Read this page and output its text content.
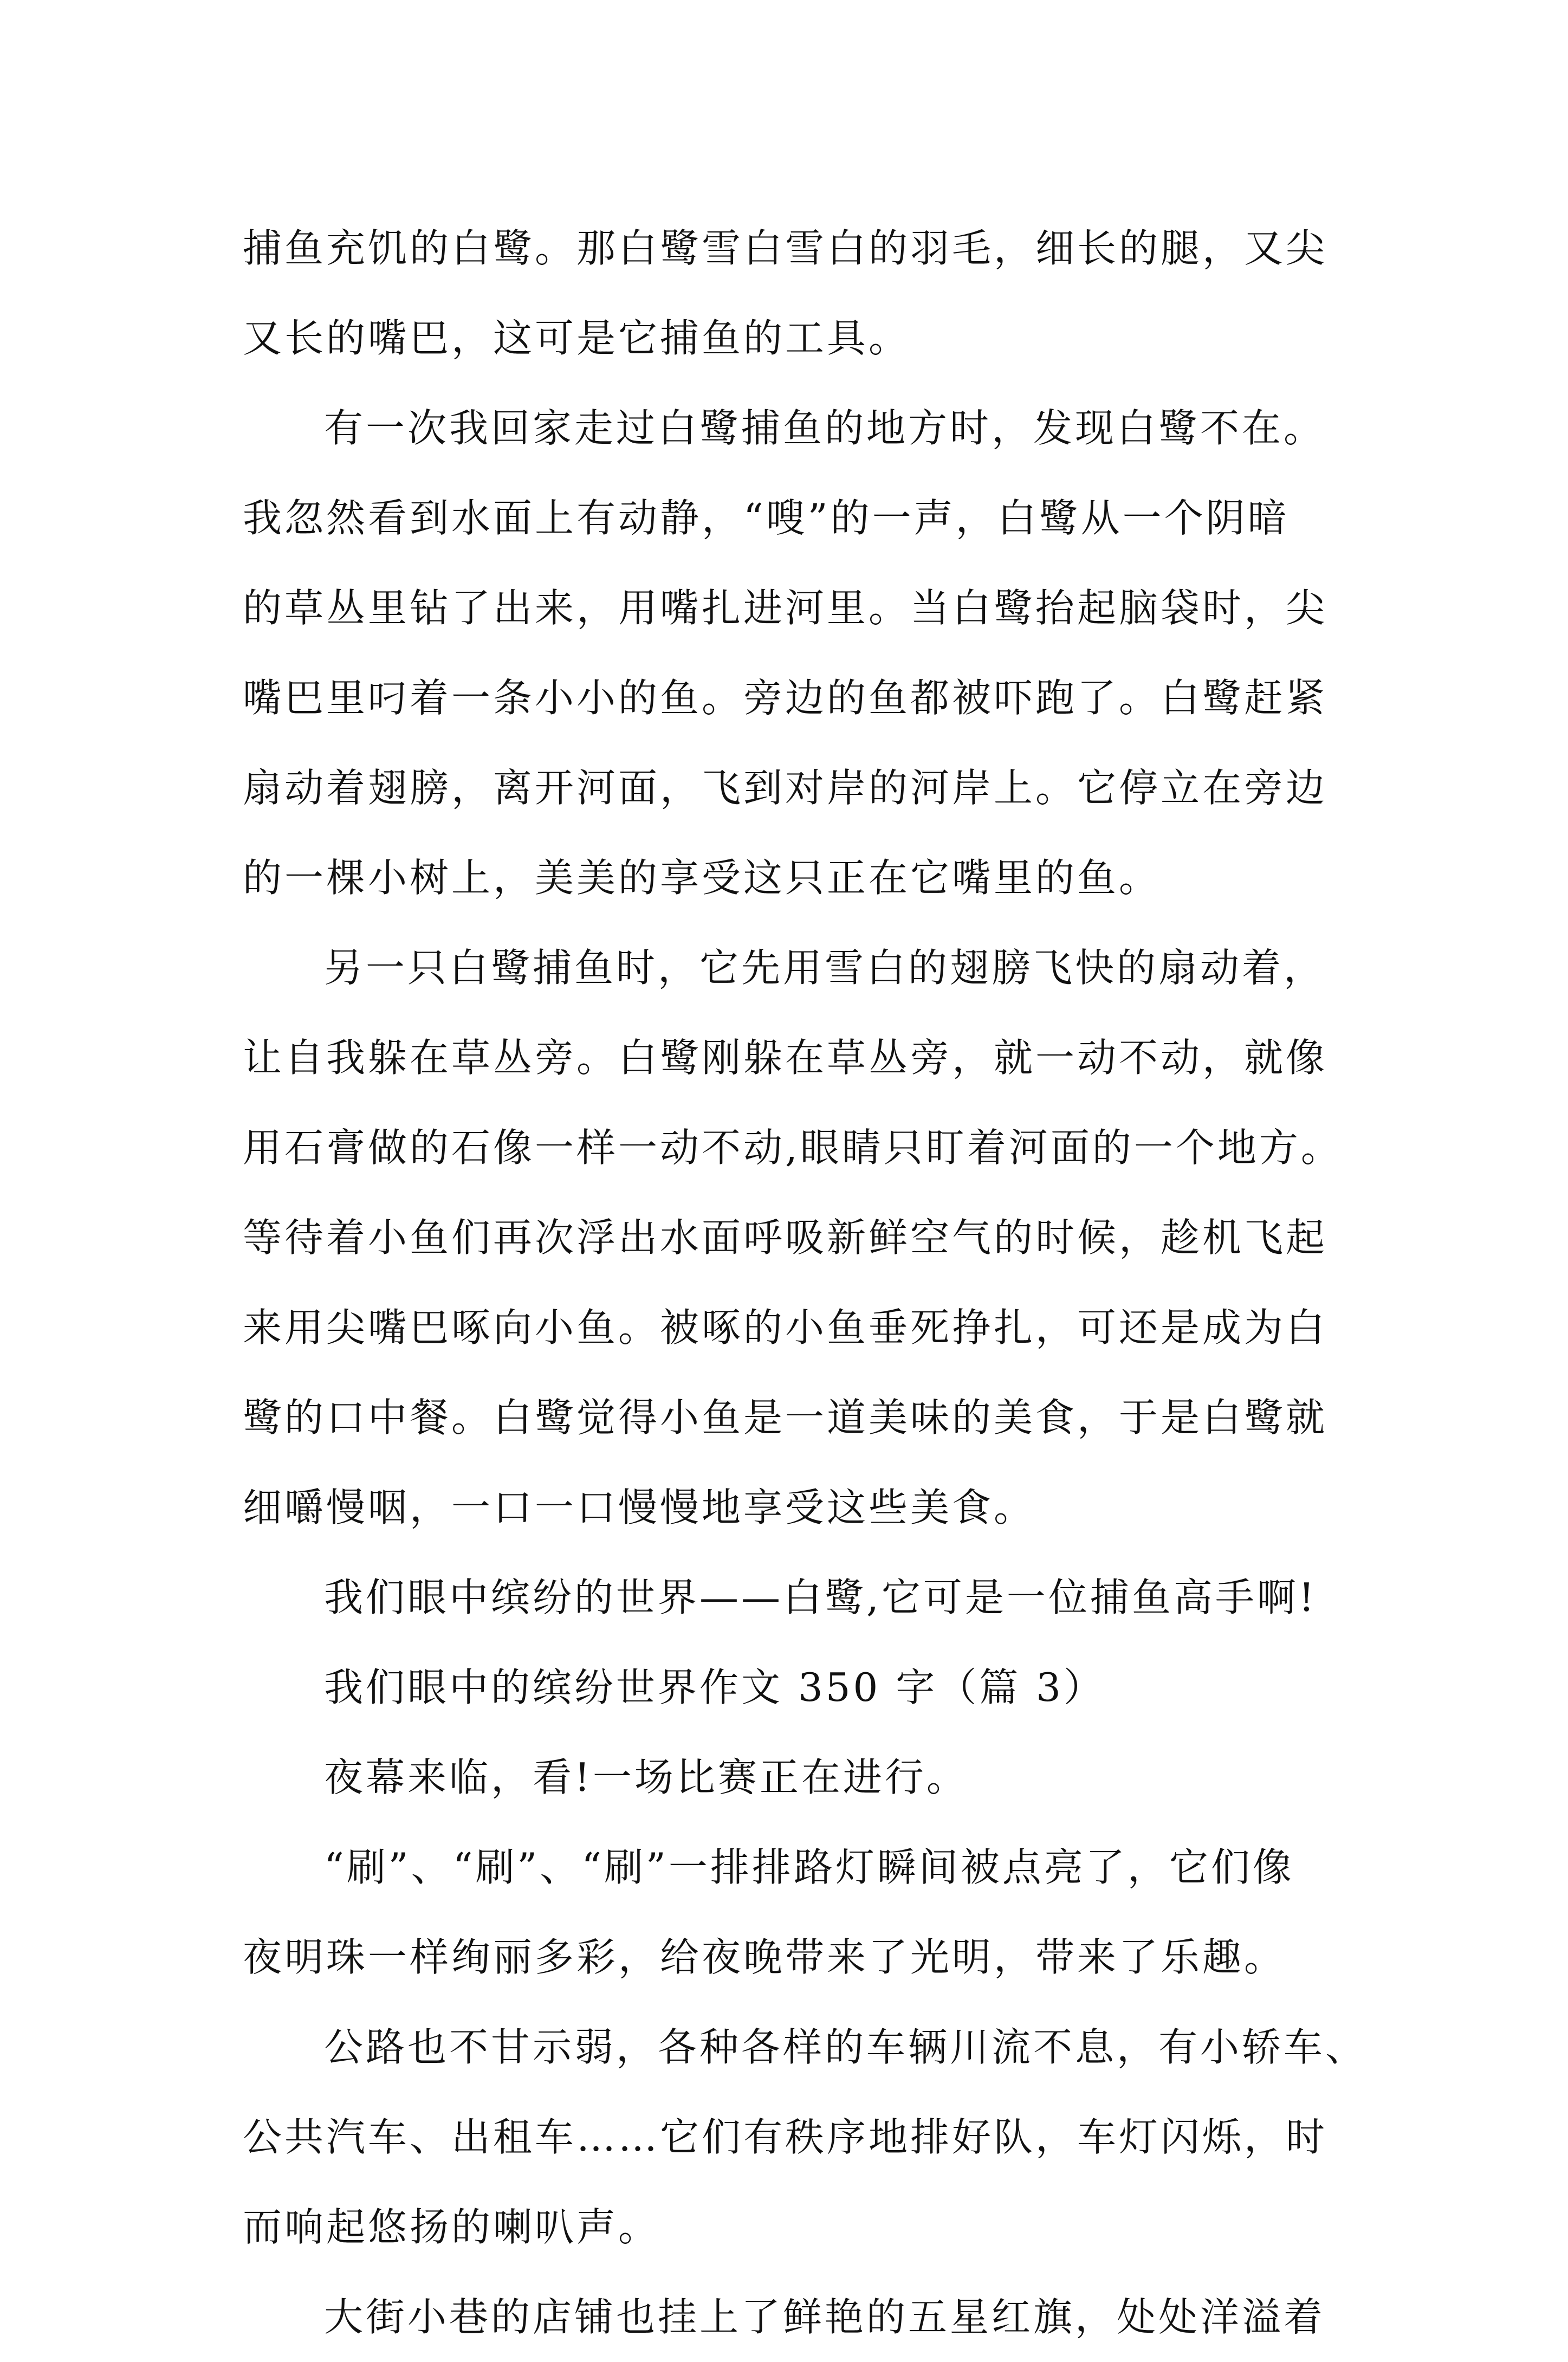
捕鱼充饥的白鹭。那白鹭雪白雪白的羽毛，细长的腿，又尖
又长的嘴巴，这可是它捕鱼的工具。
有一次我回家走过白鹭捕鱼的地方时，发现白鹭不在。
我忽然看到水面上有动静，“嗖”的一声，白鹭从一个阴暗
的草丛里钻了出来，用嘴扎进河里。当白鹭抬起脑袋时，尖
嘴巴里叼着一条小小的鱼。旁边的鱼都被吓跑了。白鹭赶紧
扇动着翅膀，离开河面，飞到对岸的河岸上。它停立在旁边
的一棵小树上，美美的享受这只正在它嘴里的鱼。
另一只白鹭捕鱼时，它先用雪白的翅膀飞快的扇动着，
让自我躲在草丛旁。白鹭刚躲在草丛旁，就一动不动，就像
用石膏做的石像一样一动不动,眼睛只盯着河面的一个地方。
等待着小鱼们再次浮出水面呼吸新鲜空气的时候，趁机飞起
来用尖嘴巴啄向小鱼。被啄的小鱼垂死挣扎，可还是成为白
鹭的口中餐。白鹭觉得小鱼是一道美味的美食，于是白鹭就
细嚼慢咽，一口一口慢慢地享受这些美食。
我们眼中缤纷的世界——白鹭,它可是一位捕鱼高手啊!
我们眼中的缤纷世界作文 350 字（篇 3）
夜幕来临，看!一场比赛正在进行。
“刷”、“刷”、“刷”一排排路灯瞬间被点亮了，它们像
夜明珠一样绚丽多彩，给夜晚带来了光明，带来了乐趣。
公路也不甘示弱，各种各样的车辆川流不息，有小轿车、
公共汽车、出租车……它们有秩序地排好队，车灯闪烁，时
而响起悠扬的喇叭声。
大街小巷的店铺也挂上了鲜艳的五星红旗，处处洋溢着
